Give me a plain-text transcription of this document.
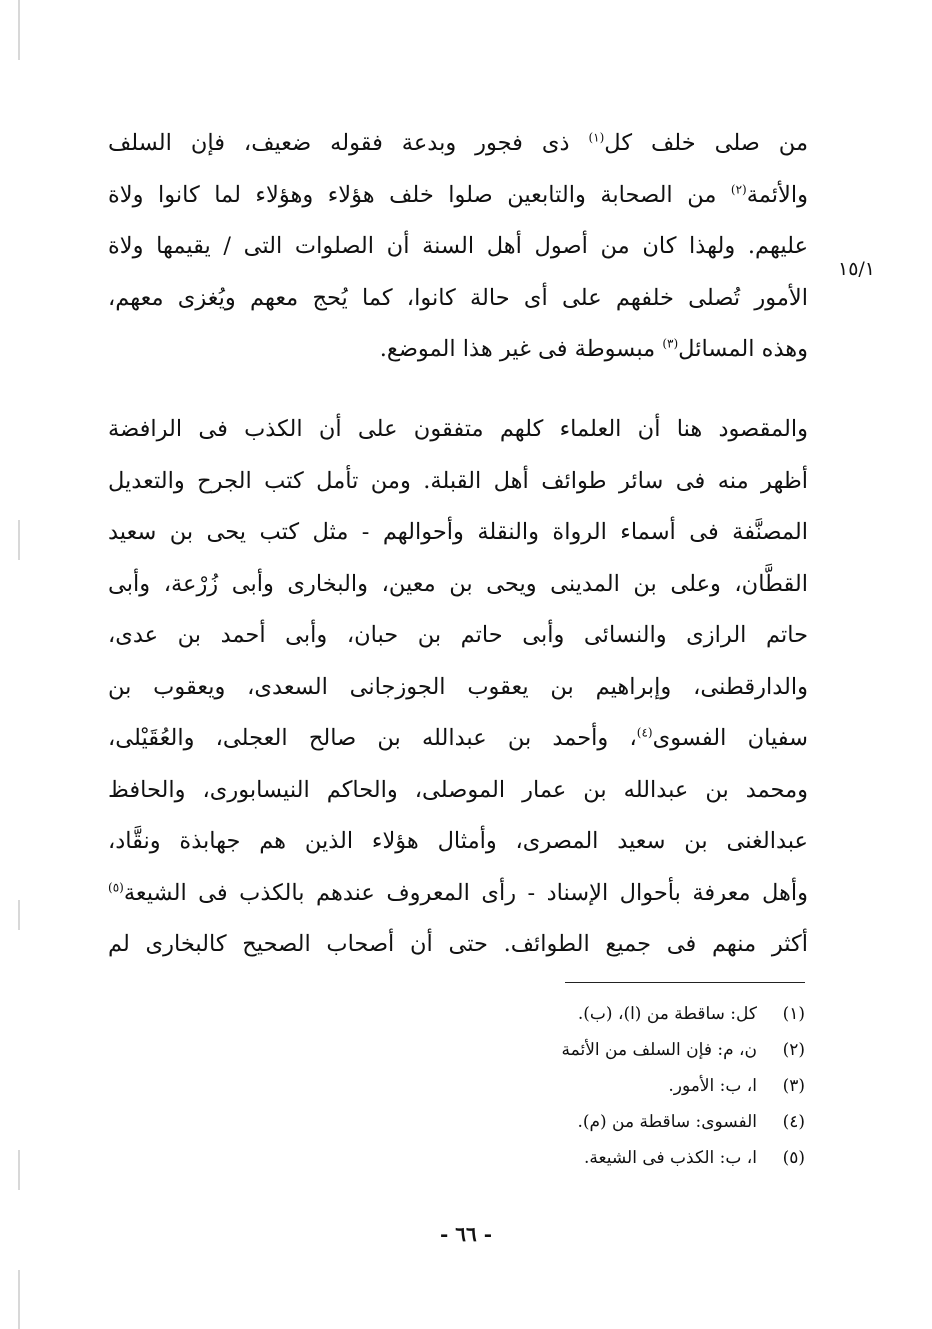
١٥/١

من صلى خلف كل$^{(١)}$ ذى فجور وبدعة فقوله ضعيف، فإن السلف
والأئمة$^{(٢)}$ من الصحابة والتابعين صلوا خلف هؤلاء وهؤلاء لما كانوا ولاة
عليهم. ولهذا كان من أصول أهل السنة أن الصلوات التى / يقيمها ولاة
الأمور تُصلى خلفهم على أى حالة كانوا، كما يُحج معهم ويُغزى معهم،
وهذه المسائل$^{(٣)}$ مبسوطة فى غير هذا الموضع.

والمقصود هنا أن العلماء كلهم متفقون على أن الكذب فى الرافضة
أظهر منه فى سائر طوائف أهل القبلة. ومن تأمل كتب الجرح والتعديل
المصنَّفة فى أسماء الرواة والنقلة وأحوالهم - مثل كتب يحى بن سعيد
القطَّان، وعلى بن المدينى ويحى بن معين، والبخارى وأبى زُرْعة، وأبى
حاتم الرازى والنسائى وأبى حاتم بن حبان، وأبى أحمد بن عدى،
والدارقطنى، وإبراهيم بن يعقوب الجوزجانى السعدى، ويعقوب بن
سفيان الفسوى$^{(٤)}$، وأحمد بن عبدالله بن صالح العجلى، والعُقَيْلى،
ومحمد بن عبدالله بن عمار الموصلى، والحاكم النيسابورى، والحافظ
عبدالغنى بن سعيد المصرى، وأمثال هؤلاء الذين هم جهابذة ونقَّاد،
وأهل معرفة بأحوال الإسناد - رأى المعروف عندهم بالكذب فى الشيعة$^{(٥)}$
أكثر منهم فى جميع الطوائف. حتى أن أصحاب الصحيح كالبخارى لم

(١)
كل: ساقطة من (ا)، (ب).
(٢)
ن، م: فإن السلف من الأئمة
(٣)
ا، ب: الأمور.
(٤)
الفسوى: ساقطة من (م).
(٥)
ا، ب: الكذب فى الشيعة.
- ٦٦ -
